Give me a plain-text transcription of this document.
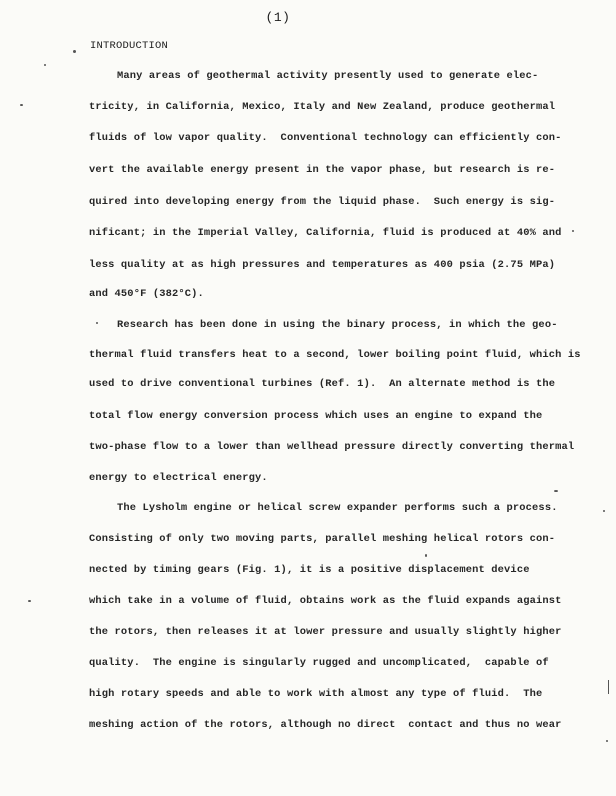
(1)
INTRODUCTION
Many areas of geothermal activity presently used to generate elec-
tricity, in California, Mexico, Italy and New Zealand, produce geothermal
fluids of low vapor quality.  Conventional technology can efficiently con-
vert the available energy present in the vapor phase, but research is re-
quired into developing energy from the liquid phase.  Such energy is sig-
nificant; in the Imperial Valley, California, fluid is produced at 40% and
less quality at as high pressures and temperatures as 400 psia (2.75 MPa)
and 450°F (382°C).
Research has been done in using the binary process, in which the geo-
thermal fluid transfers heat to a second, lower boiling point fluid, which is
used to drive conventional turbines (Ref. 1).  An alternate method is the
total flow energy conversion process which uses an engine to expand the
two-phase flow to a lower than wellhead pressure directly converting thermal
energy to electrical energy.
The Lysholm engine or helical screw expander performs such a process.
Consisting of only two moving parts, parallel meshing helical rotors con-
nected by timing gears (Fig. 1), it is a positive displacement device
which take in a volume of fluid, obtains work as the fluid expands against
the rotors, then releases it at lower pressure and usually slightly higher
quality.  The engine is singularly rugged and uncomplicated,  capable of
high rotary speeds and able to work with almost any type of fluid.  The
meshing action of the rotors, although no direct  contact and thus no wear
